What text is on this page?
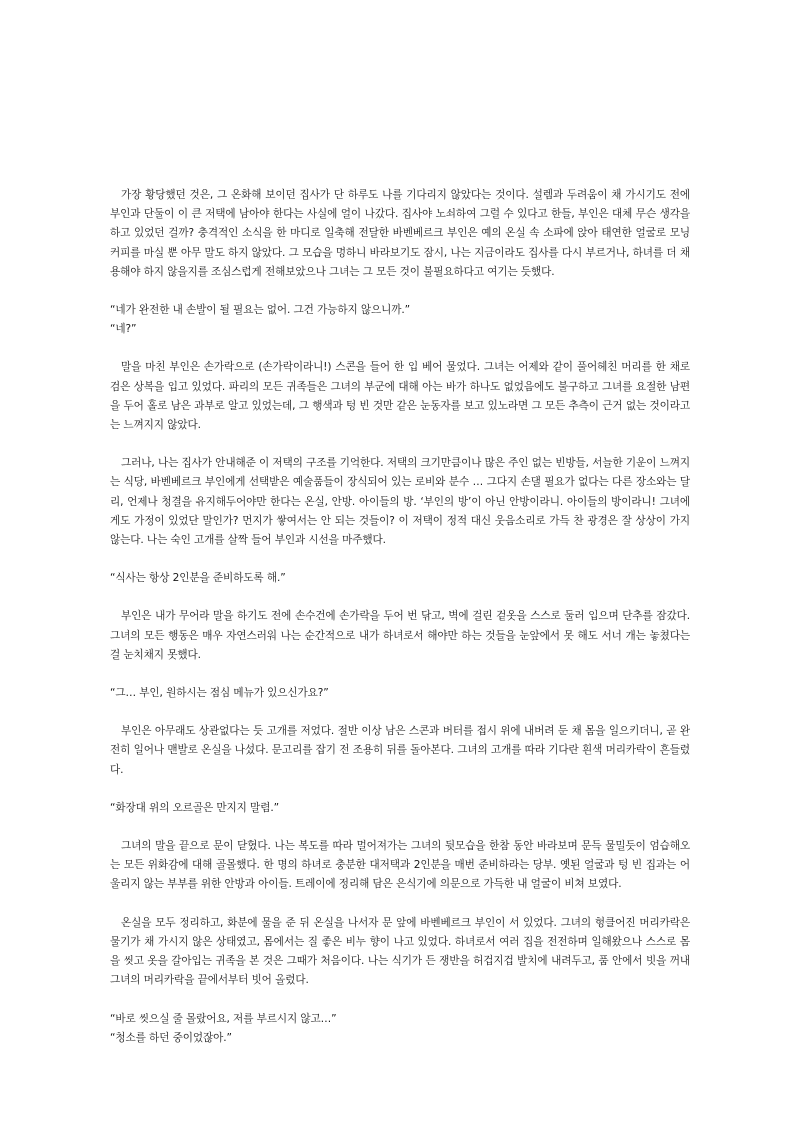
가장 황당했던 것은, 그 온화해 보이던 집사가 단 하루도 나를 기다리지 않았다는 것이다. 설렘과 두려움이 채 가시기도 전에 부인과 단둘이 이 큰 저택에 남아야 한다는 사실에 얼이 나갔다. 집사야 노쇠하여 그럴 수 있다고 한들, 부인은 대체 무슨 생각을 하고 있었던 걸까? 충격적인 소식을 한 마디로 일축해 전달한 바벤베르크 부인은 예의 온실 속 소파에 앉아 태연한 얼굴로 모닝커피를 마실 뿐 아무 말도 하지 않았다. 그 모습을 멍하니 바라보기도 잠시, 나는 지금이라도 집사를 다시 부르거나, 하녀를 더 채용해야 하지 않을지를 조심스럽게 전해보았으나 그녀는 그 모든 것이 불필요하다고 여기는 듯했다.

“네가 완전한 내 손발이 될 필요는 없어. 그건 가능하지 않으니까.”

“네?”

말을 마친 부인은 손가락으로 (손가락이라니!) 스콘을 들어 한 입 베어 물었다. 그녀는 어제와 같이 풀어헤친 머리를 한 채로 검은 상복을 입고 있었다. 파리의 모든 귀족들은 그녀의 부군에 대해 아는 바가 하나도 없었음에도 불구하고 그녀를 요절한 남편을 두어 홀로 남은 과부로 알고 있었는데, 그 행색과 텅 빈 것만 같은 눈동자를 보고 있노라면 그 모든 추측이 근거 없는 것이라고는 느껴지지 않았다.

그러나, 나는 집사가 안내해준 이 저택의 구조를 기억한다. 저택의 크기만큼이나 많은 주인 없는 빈방들, 서늘한 기운이 느껴지는 식당, 바벤베르크 부인에게 선택받은 예술품들이 장식되어 있는 로비와 분수 … 그다지 손댈 필요가 없다는 다른 장소와는 달리, 언제나 청결을 유지해두어야만 한다는 온실, 안방. 아이들의 방. ‘부인의 방’이 아닌 안방이라니. 아이들의 방이라니! 그녀에게도 가정이 있었단 말인가? 먼지가 쌓여서는 안 되는 것들이? 이 저택이 정적 대신 웃음소리로 가득 찬 광경은 잘 상상이 가지 않는다. 나는 숙인 고개를 살짝 들어 부인과 시선을 마주했다.

“식사는 항상 2인분을 준비하도록 해.”

부인은 내가 무어라 말을 하기도 전에 손수건에 손가락을 두어 번 닦고, 벽에 걸린 겉옷을 스스로 둘러 입으며 단추를 잠갔다. 그녀의 모든 행동은 매우 자연스러워 나는 순간적으로 내가 하녀로서 해야만 하는 것들을 눈앞에서 못 해도 서너 개는 놓쳤다는 걸 눈치채지 못했다.

“그… 부인, 원하시는 점심 메뉴가 있으신가요?”

부인은 아무래도 상관없다는 듯 고개를 저었다. 절반 이상 남은 스콘과 버터를 접시 위에 내버려 둔 채 몸을 일으키더니, 곧 완전히 일어나 맨발로 온실을 나섰다. 문고리를 잡기 전 조용히 뒤를 돌아본다. 그녀의 고개를 따라 기다란 흰색 머리카락이 흔들렸다.

“화장대 위의 오르골은 만지지 말렴.”

그녀의 말을 끝으로 문이 닫혔다. 나는 복도를 따라 멀어져가는 그녀의 뒷모습을 한참 동안 바라보며 문득 물밀듯이 엄습해오는 모든 위화감에 대해 골몰했다. 한 명의 하녀로 충분한 대저택과 2인분을 매번 준비하라는 당부. 옛된 얼굴과 텅 빈 집과는 어울리지 않는 부부를 위한 안방과 아이들. 트레이에 정리해 담은 은식기에 의문으로 가득한 내 얼굴이 비쳐 보였다.

온실을 모두 정리하고, 화분에 물을 준 뒤 온실을 나서자 문 앞에 바벤베르크 부인이 서 있었다. 그녀의 헝클어진 머리카락은 물기가 채 가시지 않은 상태였고, 몸에서는 질 좋은 비누 향이 나고 있었다. 하녀로서 여러 집을 전전하며 일해왔으나 스스로 몸을 씻고 옷을 갈아입는 귀족을 본 것은 그때가 처음이다. 나는 식기가 든 쟁반을 허겁지겁 발치에 내려두고, 품 안에서 빗을 꺼내 그녀의 머리카락을 끝에서부터 빗어 올렸다.

“바로 씻으실 줄 몰랐어요, 저를 부르시지 않고…”

“청소를 하던 중이었잖아.”
